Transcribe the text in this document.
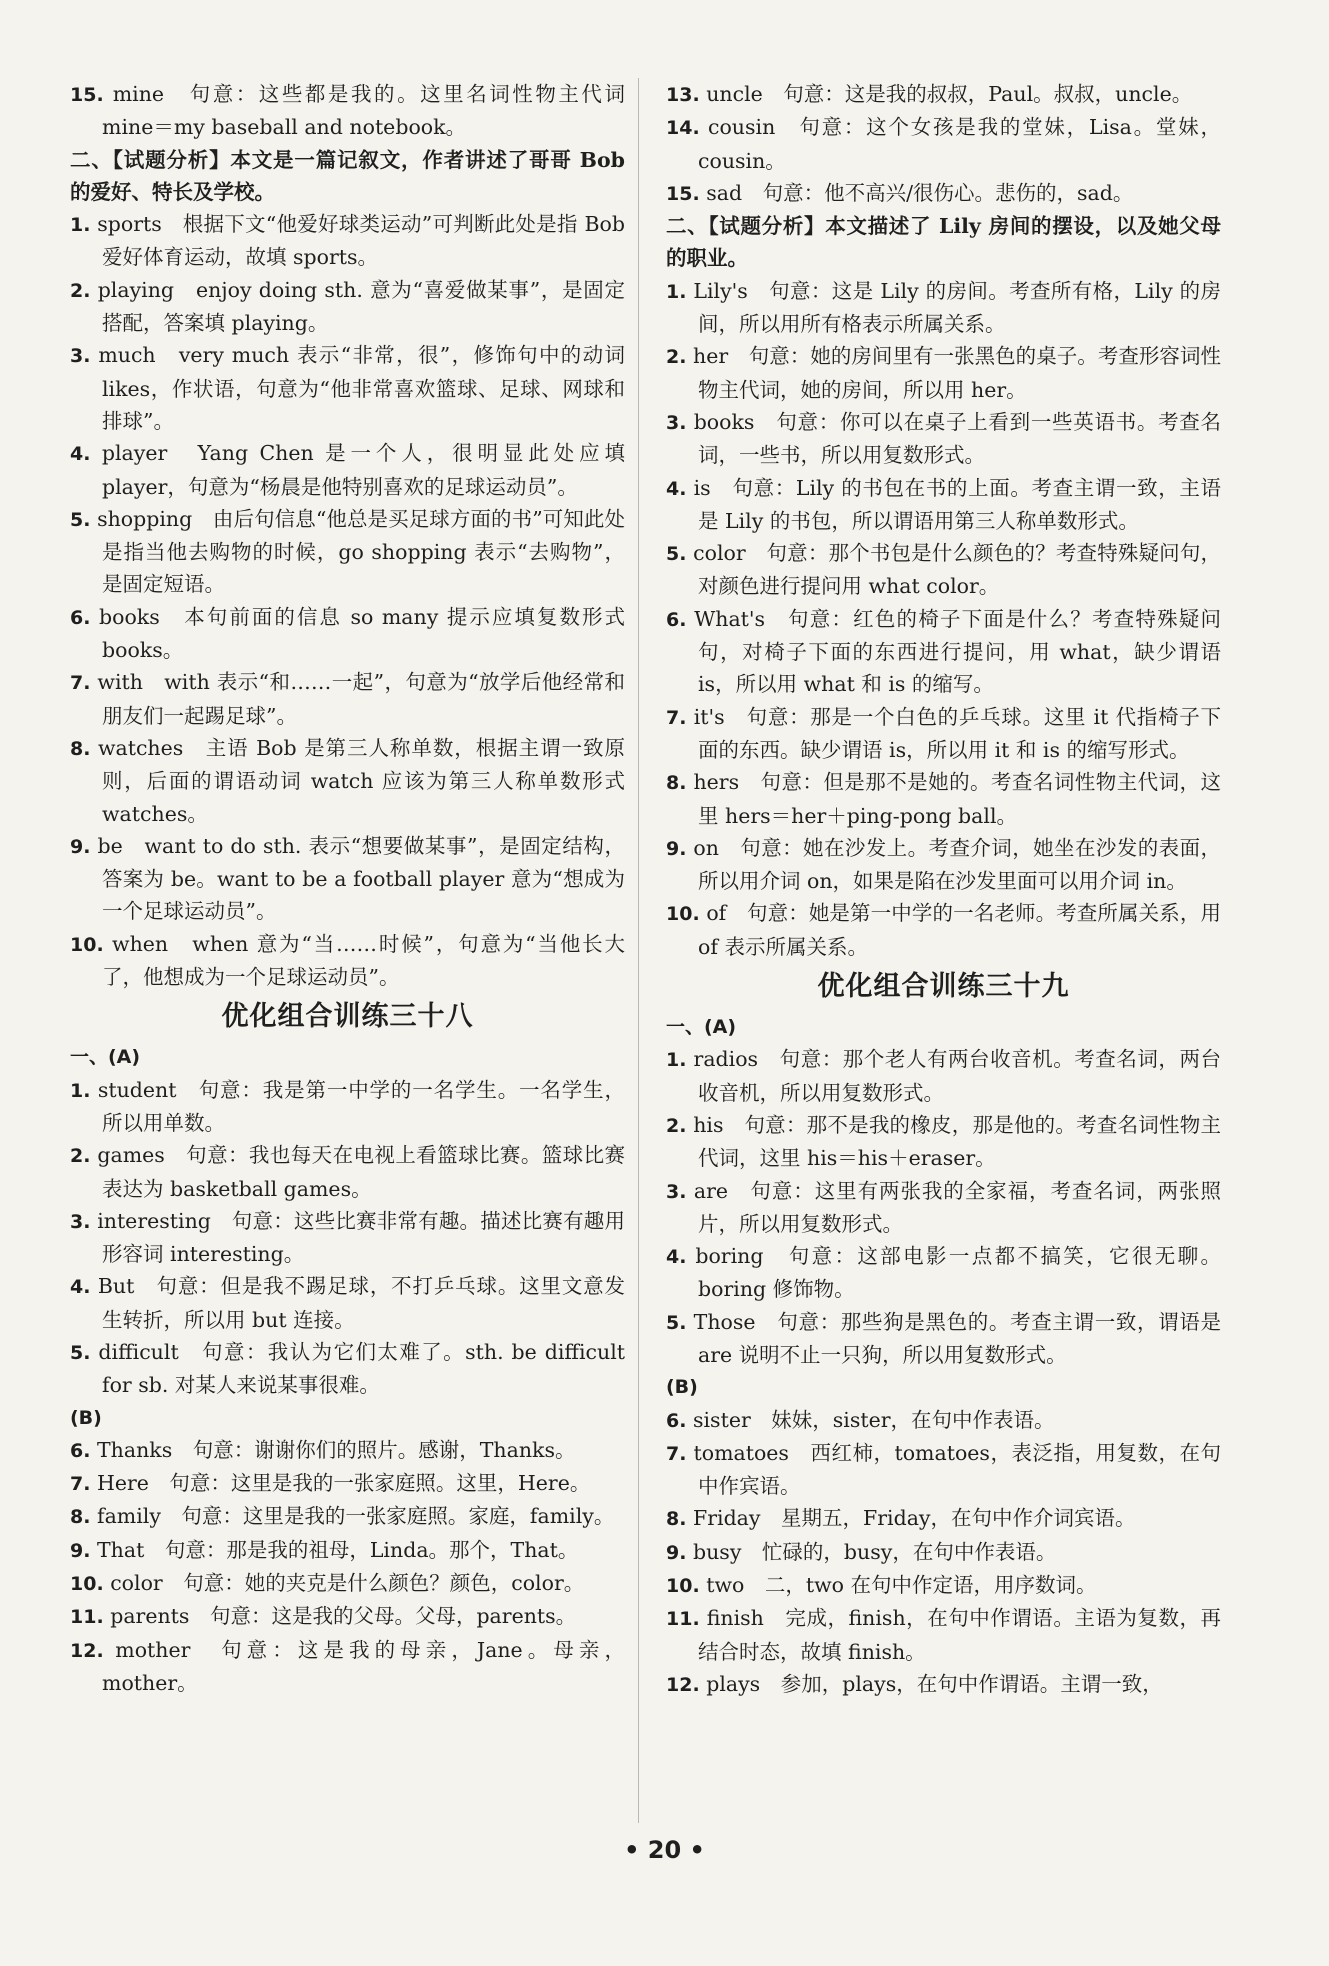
15. mine　句意：这些都是我的。这里名词性物主代词 mine＝my baseball and notebook。

二、【试题分析】本文是一篇记叙文，作者讲述了哥哥 Bob 的爱好、特长及学校。

1. sports　根据下文“他爱好球类运动”可判断此处是指 Bob 爱好体育运动，故填 sports。

2. playing　enjoy doing sth. 意为“喜爱做某事”，是固定搭配，答案填 playing。

3. much　very much 表示“非常，很”，修饰句中的动词 likes，作状语，句意为“他非常喜欢篮球、足球、网球和排球”。

4. player　Yang Chen 是一个人，很明显此处应填 player，句意为“杨晨是他特别喜欢的足球运动员”。

5. shopping　由后句信息“他总是买足球方面的书”可知此处是指当他去购物的时候，go shopping 表示“去购物”，是固定短语。

6. books　本句前面的信息 so many 提示应填复数形式 books。

7. with　with 表示“和……一起”，句意为“放学后他经常和朋友们一起踢足球”。

8. watches　主语 Bob 是第三人称单数，根据主谓一致原则，后面的谓语动词 watch 应该为第三人称单数形式 watches。

9. be　want to do sth. 表示“想要做某事”，是固定结构，答案为 be。want to be a football player 意为“想成为一个足球运动员”。

10. when　when 意为“当……时候”，句意为“当他长大了，他想成为一个足球运动员”。

优化组合训练三十八

一、(A)

1. student　句意：我是第一中学的一名学生。一名学生，所以用单数。

2. games　句意：我也每天在电视上看篮球比赛。篮球比赛表达为 basketball games。

3. interesting　句意：这些比赛非常有趣。描述比赛有趣用形容词 interesting。

4. But　句意：但是我不踢足球，不打乒乓球。这里文意发生转折，所以用 but 连接。

5. difficult　句意：我认为它们太难了。sth. be difficult for sb. 对某人来说某事很难。

(B)

6. Thanks　句意：谢谢你们的照片。感谢，Thanks。

7. Here　句意：这里是我的一张家庭照。这里，Here。

8. family　句意：这里是我的一张家庭照。家庭，family。

9. That　句意：那是我的祖母，Linda。那个，That。

10. color　句意：她的夹克是什么颜色？颜色，color。

11. parents　句意：这是我的父母。父母，parents。

12. mother　句意：这是我的母亲，Jane。母亲，mother。

13. uncle　句意：这是我的叔叔，Paul。叔叔，uncle。

14. cousin　句意：这个女孩是我的堂妹，Lisa。堂妹，cousin。

15. sad　句意：他不高兴/很伤心。悲伤的，sad。

二、【试题分析】本文描述了 Lily 房间的摆设，以及她父母的职业。

1. Lily's　句意：这是 Lily 的房间。考查所有格，Lily 的房间，所以用所有格表示所属关系。

2. her　句意：她的房间里有一张黑色的桌子。考查形容词性物主代词，她的房间，所以用 her。

3. books　句意：你可以在桌子上看到一些英语书。考查名词，一些书，所以用复数形式。

4. is　句意：Lily 的书包在书的上面。考查主谓一致，主语是 Lily 的书包，所以谓语用第三人称单数形式。

5. color　句意：那个书包是什么颜色的？考查特殊疑问句，对颜色进行提问用 what color。

6. What's　句意：红色的椅子下面是什么？考查特殊疑问句，对椅子下面的东西进行提问，用 what，缺少谓语 is，所以用 what 和 is 的缩写。

7. it's　句意：那是一个白色的乒乓球。这里 it 代指椅子下面的东西。缺少谓语 is，所以用 it 和 is 的缩写形式。

8. hers　句意：但是那不是她的。考查名词性物主代词，这里 hers＝her＋ping-pong ball。

9. on　句意：她在沙发上。考查介词，她坐在沙发的表面，所以用介词 on，如果是陷在沙发里面可以用介词 in。

10. of　句意：她是第一中学的一名老师。考查所属关系，用 of 表示所属关系。

优化组合训练三十九

一、(A)

1. radios　句意：那个老人有两台收音机。考查名词，两台收音机，所以用复数形式。

2. his　句意：那不是我的橡皮，那是他的。考查名词性物主代词，这里 his＝his＋eraser。

3. are　句意：这里有两张我的全家福，考查名词，两张照片，所以用复数形式。

4. boring　句意：这部电影一点都不搞笑，它很无聊。boring 修饰物。

5. Those　句意：那些狗是黑色的。考查主谓一致，谓语是 are 说明不止一只狗，所以用复数形式。

(B)

6. sister　妹妹，sister，在句中作表语。

7. tomatoes　西红柿，tomatoes，表泛指，用复数，在句中作宾语。

8. Friday　星期五，Friday，在句中作介词宾语。

9. busy　忙碌的，busy，在句中作表语。

10. two　二，two 在句中作定语，用序数词。

11. finish　完成，finish，在句中作谓语。主语为复数，再结合时态，故填 finish。

12. plays　参加，plays，在句中作谓语。主谓一致，

• 20 •
